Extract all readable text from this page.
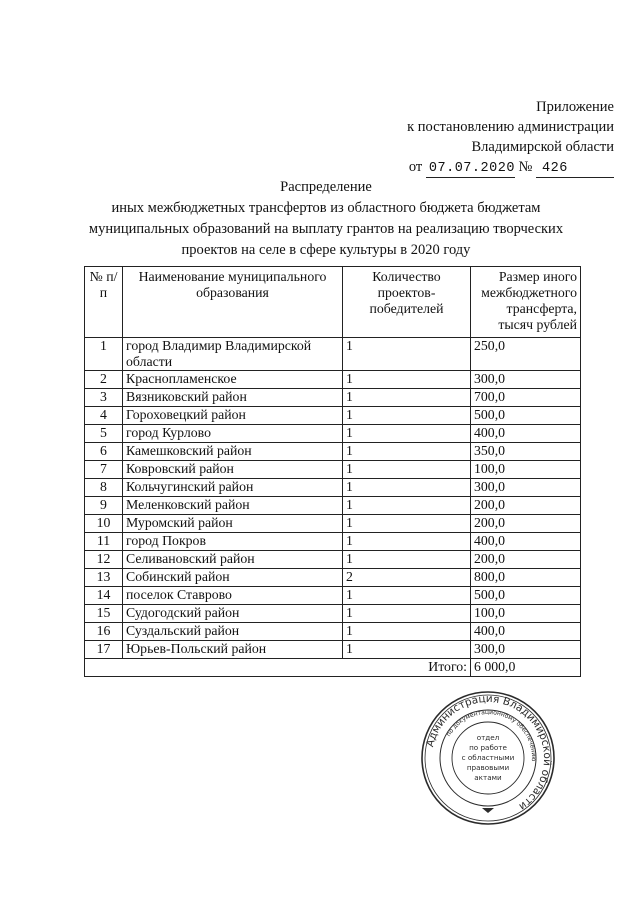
Приложение
к постановлению администрации
Владимирской области
от 07.07.2020 № 426
Распределение
иных межбюджетных трансфертов из областного бюджета бюджетам
муниципальных образований на выплату грантов на реализацию творческих
проектов на селе в сфере культуры в 2020 году
№ п/п	Наименование муниципального образования	Количество проектов-победителей	Размер иного межбюджетного трансферта, тысяч рублей
1	город Владимир Владимирской области	1	250,0
2	Краснопламенское	1	300,0
3	Вязниковский район	1	700,0
4	Гороховецкий район	1	500,0
5	город Курлово	1	400,0
6	Камешковский район	1	350,0
7	Ковровский район	1	100,0
8	Кольчугинский район	1	300,0
9	Меленковский район	1	200,0
10	Муромский район	1	200,0
11	город Покров	1	400,0
12	Селивановский район	1	200,0
13	Собинский район	2	800,0
14	поселок Ставрово	1	500,0
15	Судогодский район	1	100,0
16	Суздальский район	1	400,0
17	Юрьев-Польский район	1	300,0
Итого:			6 000,0
Администрация Владимирской области
по документационному обеспечению
отдел
по работе
с областными
правовыми
актами
